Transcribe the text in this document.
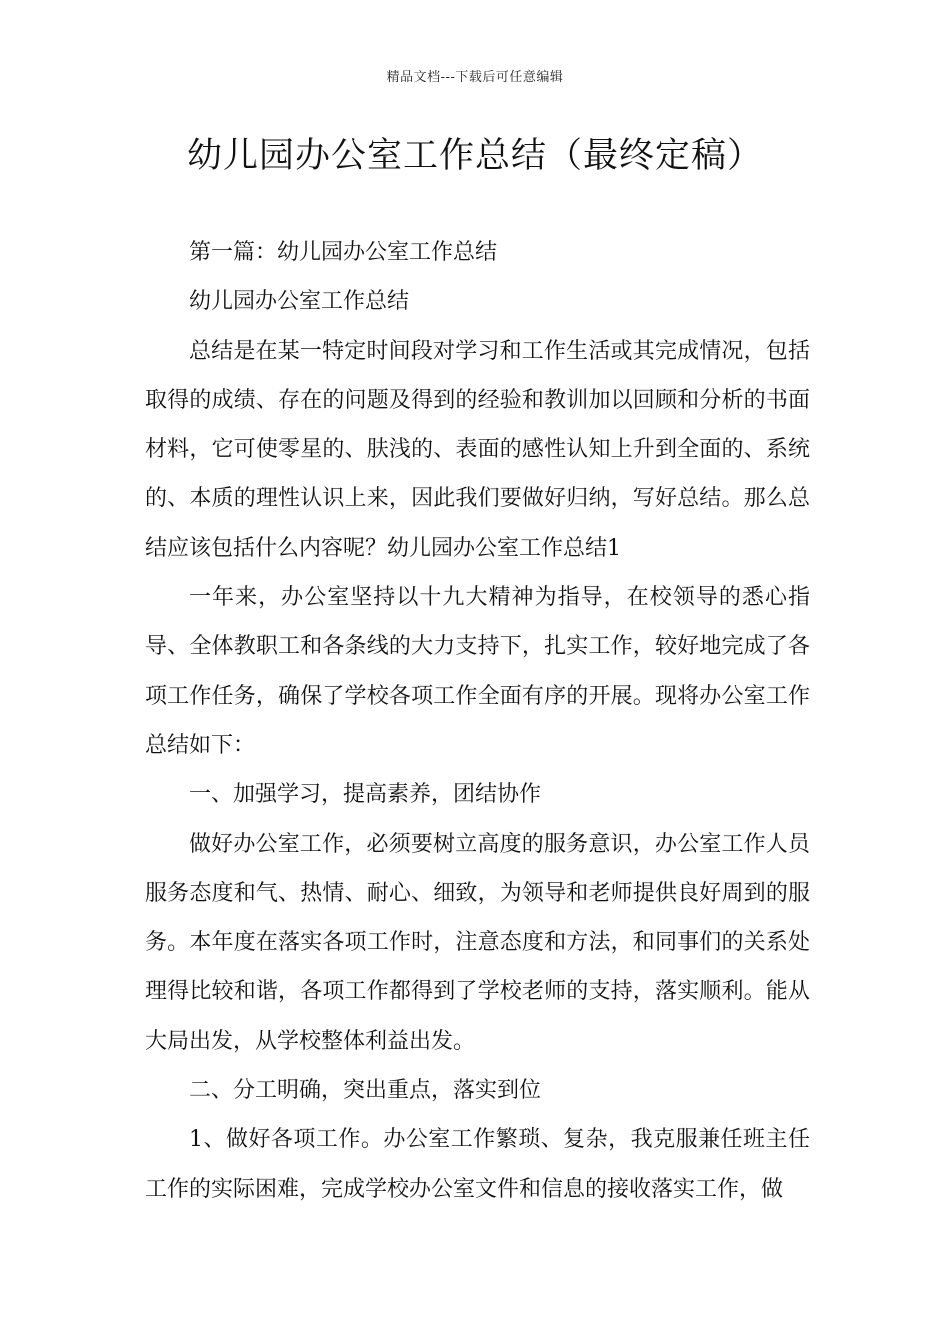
精品文档---下载后可任意编辑
幼儿园办公室工作总结（最终定稿）

第一篇：幼儿园办公室工作总结

幼儿园办公室工作总结

总结是在某一特定时间段对学习和工作生活或其完成情况，包括取得的成绩、存在的问题及得到的经验和教训加以回顾和分析的书面材料，它可使零星的、肤浅的、表面的感性认知上升到全面的、系统的、本质的理性认识上来，因此我们要做好归纳，写好总结。那么总结应该包括什么内容呢？幼儿园办公室工作总结1

一年来，办公室坚持以十九大精神为指导，在校领导的悉心指导、全体教职工和各条线的大力支持下，扎实工作，较好地完成了各项工作任务，确保了学校各项工作全面有序的开展。现将办公室工作总结如下：

一、加强学习，提高素养，团结协作

做好办公室工作，必须要树立高度的服务意识，办公室工作人员服务态度和气、热情、耐心、细致，为领导和老师提供良好周到的服务。本年度在落实各项工作时，注意态度和方法，和同事们的关系处理得比较和谐，各项工作都得到了学校老师的支持，落实顺利。能从大局出发，从学校整体利益出发。

二、分工明确，突出重点，落实到位

1、做好各项工作。办公室工作繁琐、复杂，我克服兼任班主任工作的实际困难，完成学校办公室文件和信息的接收落实工作，做
